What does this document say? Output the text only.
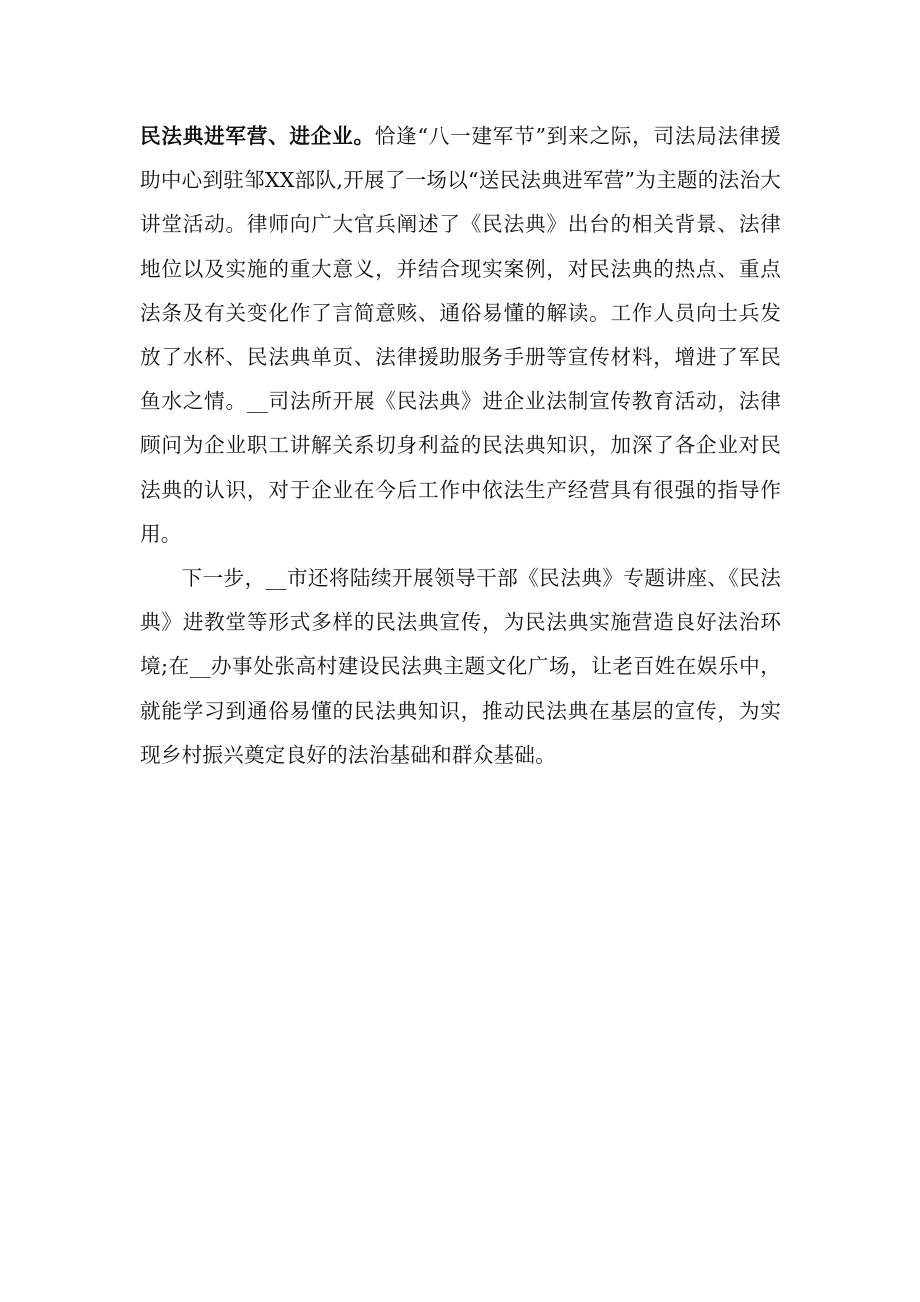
民法典进军营、进企业。恰逢“八一建军节”到来之际，司法局法律援助中心到驻邹XX部队,开展了一场以“送民法典进军营”为主题的法治大讲堂活动。律师向广大官兵阐述了《民法典》出台的相关背景、法律地位以及实施的重大意义，并结合现实案例，对民法典的热点、重点法条及有关变化作了言简意赅、通俗易懂的解读。工作人员向士兵发放了水杯、民法典单页、法律援助服务手册等宣传材料，增进了军民鱼水之情。__司法所开展《民法典》进企业法制宣传教育活动，法律顾问为企业职工讲解关系切身利益的民法典知识，加深了各企业对民法典的认识，对于企业在今后工作中依法生产经营具有很强的指导作用。

下一步，__市还将陆续开展领导干部《民法典》专题讲座、《民法典》进教堂等形式多样的民法典宣传，为民法典实施营造良好法治环境;在__办事处张高村建设民法典主题文化广场，让老百姓在娱乐中，就能学习到通俗易懂的民法典知识，推动民法典在基层的宣传，为实现乡村振兴奠定良好的法治基础和群众基础。
